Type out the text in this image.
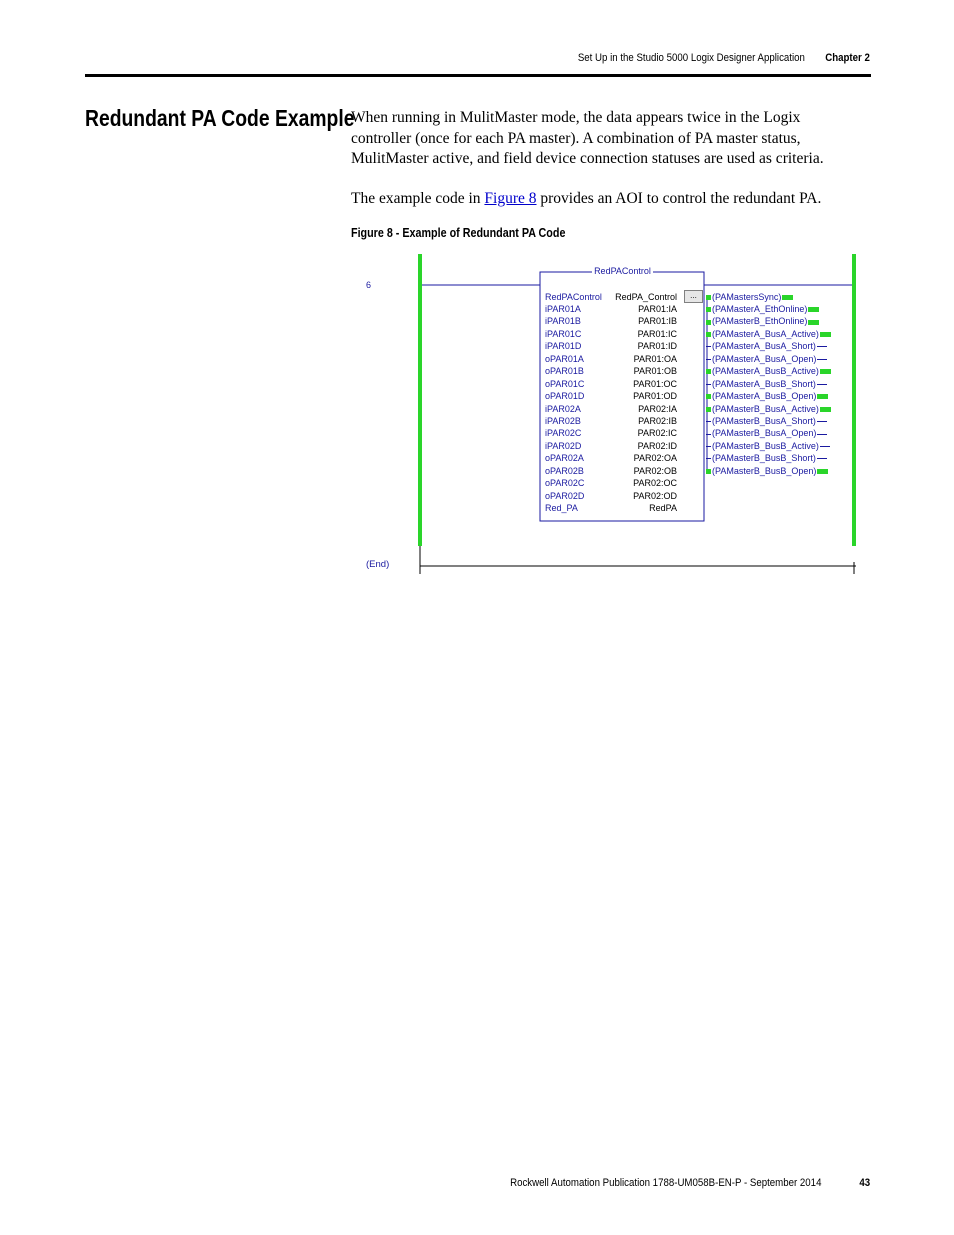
Set Up in the Studio 5000 Logix Designer Application Chapter 2
Redundant PA Code Example
When running in MulitMaster mode, the data appears twice in the Logix controller (once for each PA master). A combination of PA master status, MulitMaster active, and field device connection statuses are used as criteria.
The example code in Figure 8 provides an AOI to control the redundant PA.
Figure 8 - Example of Redundant PA Code
6
(End)
RedPAControl
...
RedPAControl RedPA_Control
iPAR01A	PAR01:IA
iPAR01B	PAR01:IB
iPAR01C	PAR01:IC
iPAR01D	PAR01:ID
oPAR01A	PAR01:OA
oPAR01B	PAR01:OB
oPAR01C	PAR01:OC
oPAR01D	PAR01:OD
iPAR02A	PAR02:IA
iPAR02B	PAR02:IB
iPAR02C	PAR02:IC
iPAR02D	PAR02:ID
oPAR02A	PAR02:OA
oPAR02B	PAR02:OB
oPAR02C	PAR02:OC
oPAR02D	PAR02:OD
Red_PA	RedPA
(PAMastersSync)
(PAMasterA_EthOnline)
(PAMasterB_EthOnline)
(PAMasterA_BusA_Active)
(PAMasterA_BusA_Short)
(PAMasterA_BusA_Open)
(PAMasterA_BusB_Active)
(PAMasterA_BusB_Short)
(PAMasterA_BusB_Open)
(PAMasterB_BusA_Active)
(PAMasterB_BusA_Short)
(PAMasterB_BusA_Open)
(PAMasterB_BusB_Active)
(PAMasterB_BusB_Short)
(PAMasterB_BusB_Open)
Rockwell Automation Publication 1788-UM058B-EN-P - September 2014	43
